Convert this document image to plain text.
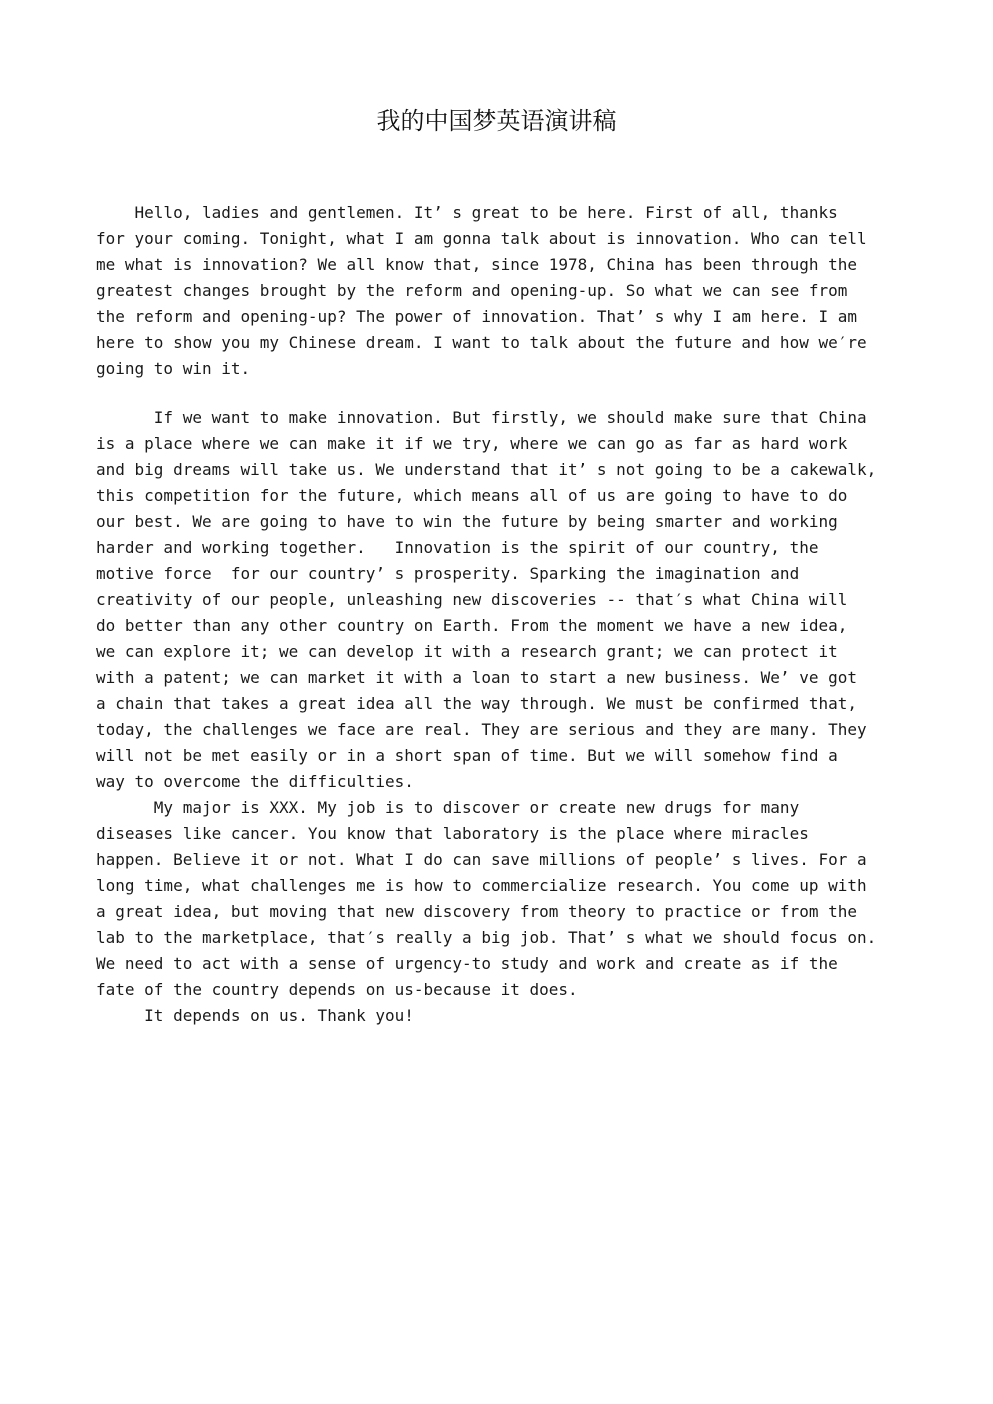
我的中国梦英语演讲稿
Hello, ladies and gentlemen. It’ s great to be here. First of all, thanks
for your coming. Tonight, what I am gonna talk about is innovation. Who can tell
me what is innovation? We all know that, since 1978, China has been through the
greatest changes brought by the reform and opening-up. So what we can see from
the reform and opening-up? The power of innovation. That’ s why I am here. I am
here to show you my Chinese dream. I want to talk about the future and how we′re
going to win it.
If we want to make innovation. But firstly, we should make sure that China
is a place where we can make it if we try, where we can go as far as hard work
and big dreams will take us. We understand that it’ s not going to be a cakewalk,
this competition for the future, which means all of us are going to have to do
our best. We are going to have to win the future by being smarter and working
harder and working together.   Innovation is the spirit of our country, the
motive force  for our country’ s prosperity. Sparking the imagination and
creativity of our people, unleashing new discoveries -- that′s what China will
do better than any other country on Earth. From the moment we have a new idea,
we can explore it; we can develop it with a research grant; we can protect it
with a patent; we can market it with a loan to start a new business. We’ ve got
a chain that takes a great idea all the way through. We must be confirmed that,
today, the challenges we face are real. They are serious and they are many. They
will not be met easily or in a short span of time. But we will somehow find a
way to overcome the difficulties.
My major is XXX. My job is to discover or create new drugs for many
diseases like cancer. You know that laboratory is the place where miracles
happen. Believe it or not. What I do can save millions of people’ s lives. For a
long time, what challenges me is how to commercialize research. You come up with
a great idea, but moving that new discovery from theory to practice or from the
lab to the marketplace, that′s really a big job. That’ s what we should focus on.
We need to act with a sense of urgency-to study and work and create as if the
fate of the country depends on us-because it does.
It depends on us. Thank you!
